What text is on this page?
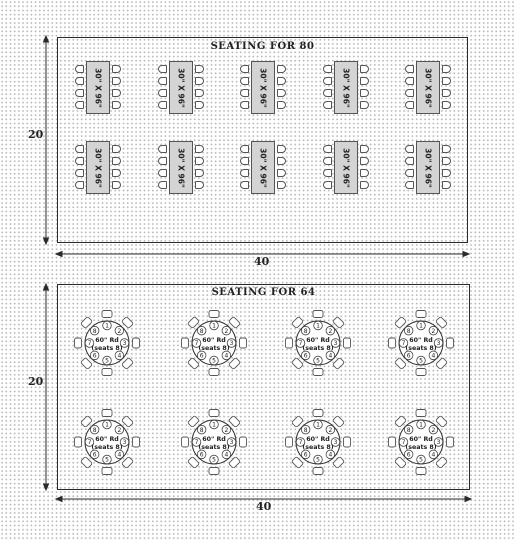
SEATING FOR 80
30" X 96"	30" X 96"	30" X 96"	30" X 96"	30" X 96"
30" X 96"	30" X 96"	30" X 96"	30" X 96"	30" X 96"
SEATING FOR 64
1
2
3
4
5
6
7
8
60" Rd
(seats 8)
1
2
3
4
5
6
7
8
60" Rd
(seats 8)
1
2
3
4
5
6
7
8
60" Rd
(seats 8)
1
2
3
4
5
6
7
8
60" Rd
(seats 8)
1
2
3
4
5
6
7
8
60" Rd
(seats 8)
1
2
3
4
5
6
7
8
60" Rd
(seats 8)
1
2
3
4
5
6
7
8
60" Rd
(seats 8)
1
2
3
4
5
6
7
8
60" Rd
(seats 8)
20
40
20
40
